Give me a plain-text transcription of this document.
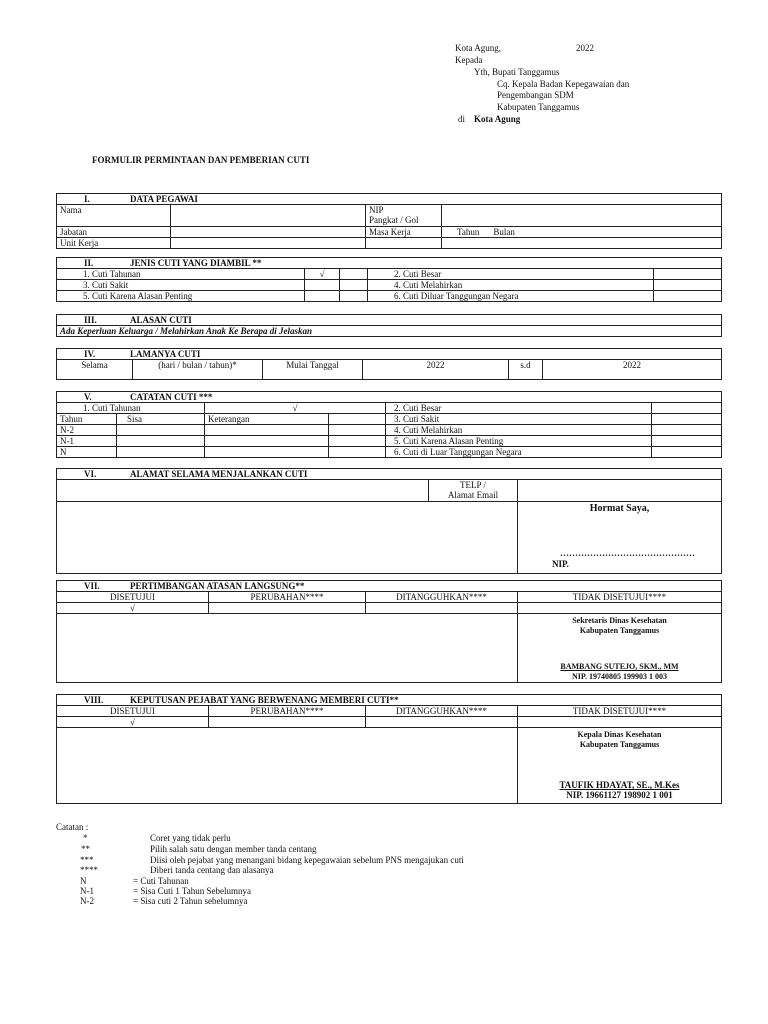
Kota Agung,	2022
Kepada
Yth, Bupati Tanggamus
Cq. Kepala Badan Kepegawaian dan
Pengembangan SDM
Kabupaten Tanggamus
di Kota Agung
FORMULIR PERMINTAAN DAN PEMBERIAN CUTI
I. DATA PEGAWAI			
Nama		NIP
Pangkat / Gol	

Jabatan		Masa Kerja	Tahun Bulan
Unit Kerja			
II. JENIS CUTI YANG DIAMBIL **				
1. Cuti Tahunan	√		2. Cuti Besar	
3. Cuti Sakit			4. Cuti Melahirkan	
5. Cuti Karena Alasan Penting			6. Cuti Diluar Tanggungan Negara	
III.	ALASAN CUTI
Ada Keperluan Keluarga / Melahirkan Anak Ke Berapa di Jelaskan
IV.	LAMANYA CUTI
Selama	(hari / bulan / tahun)*	Mulai Tanggal	2022	s.d	2022
V. CATATAN CUTI ***					
1. Cuti Tahunan		√		2. Cuti Besar	
Tahun	Sisa	Keterangan		3. Cuti Sakit	
N-2				4. Cuti Melahirkan	
N-1				5. Cuti Karena Alasan Penting	
N				6. Cuti di Luar Tanggungan Negara	
VI. ALAMAT SELAMA MENJALANKAN CUTI		

	TELP /
Alamat Email	

		Hormat Saya,
………………………………………
NIP.
VII. PERTIMBANGAN ATASAN LANGSUNG**			
DISETUJUI	PERUBAHAN****	DITANGGUHKAN****	TIDAK DISETUJUI****
√			

			Sekretaris Dinas Kesehatan
Kabupaten Tanggamus
BAMBANG SUTEJO, SKM., MM
NIP. 19740805 199903 1 003
VIII. KEPUTUSAN PEJABAT YANG BERWENANG MEMBERI CUTI**			
DISETUJUI	PERUBAHAN****	DITANGGUHKAN****	TIDAK DISETUJUI****
√			

			Kepala Dinas Kesehatan
Kabupaten Tanggamus
TAUFIK HDAYAT, SE., M.Kes
NIP. 19661127 198902 1 001
Catatan :
*	Coret yang tidak perlu
**	Pilih salah satu dengan member tanda centang
***	Diisi oleh pejabat yang menangani bidang kepegawaian sebelum PNS mengajukan cuti
****	Diberi tanda centang dan alasanya
N	= Cuti Tahunan
N-1	= Sisa Cuti 1 Tahun Sebelumnya
N-2	= Sisa cuti 2 Tahun sebelumnya
